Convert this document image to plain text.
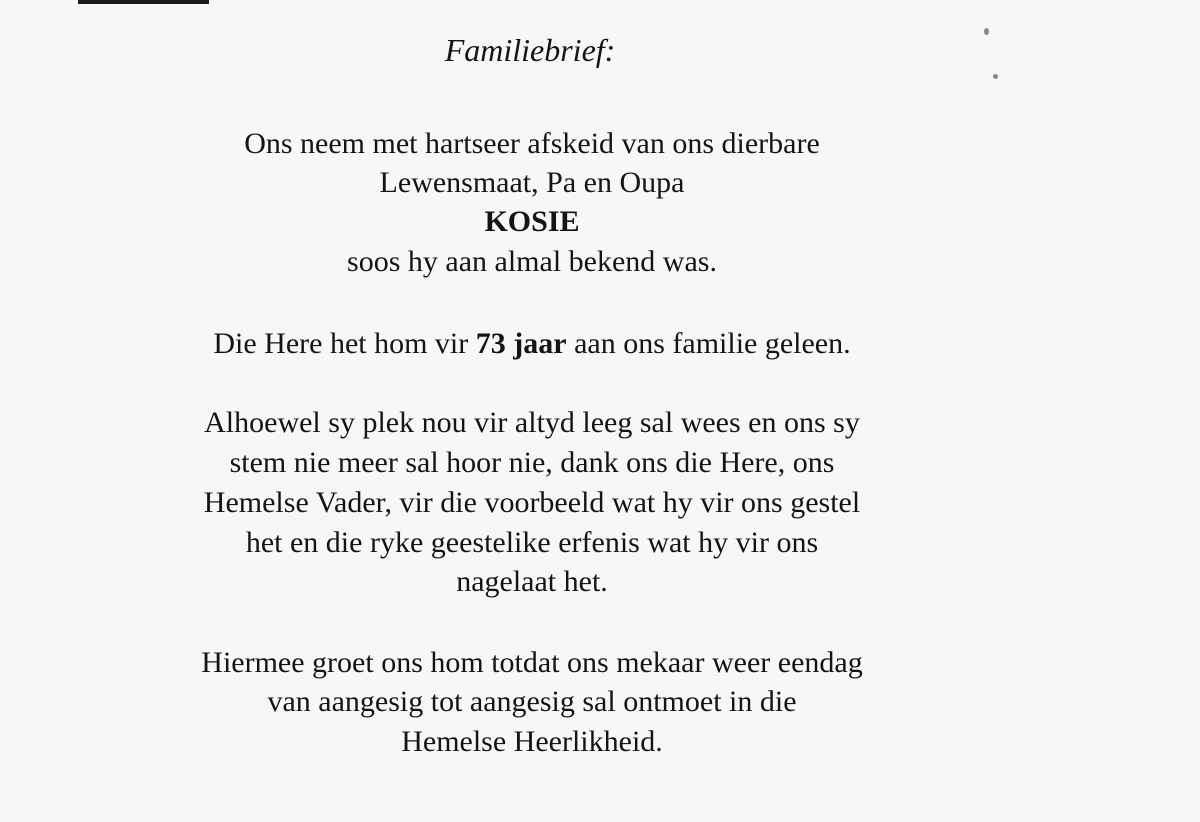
Familiebrief:
Ons neem met hartseer afskeid van ons dierbare
Lewensmaat, Pa en Oupa
KOSIE
soos hy aan almal bekend was.
Die Here het hom vir 73 jaar aan ons familie geleen.
Alhoewel sy plek nou vir altyd leeg sal wees en ons sy
stem nie meer sal hoor nie, dank ons die Here, ons
Hemelse Vader, vir die voorbeeld wat hy vir ons gestel
het en die ryke geestelike erfenis wat hy vir ons
nagelaat het.
Hiermee groet ons hom totdat ons mekaar weer eendag
van aangesig tot aangesig sal ontmoet in die
Hemelse Heerlikheid.
